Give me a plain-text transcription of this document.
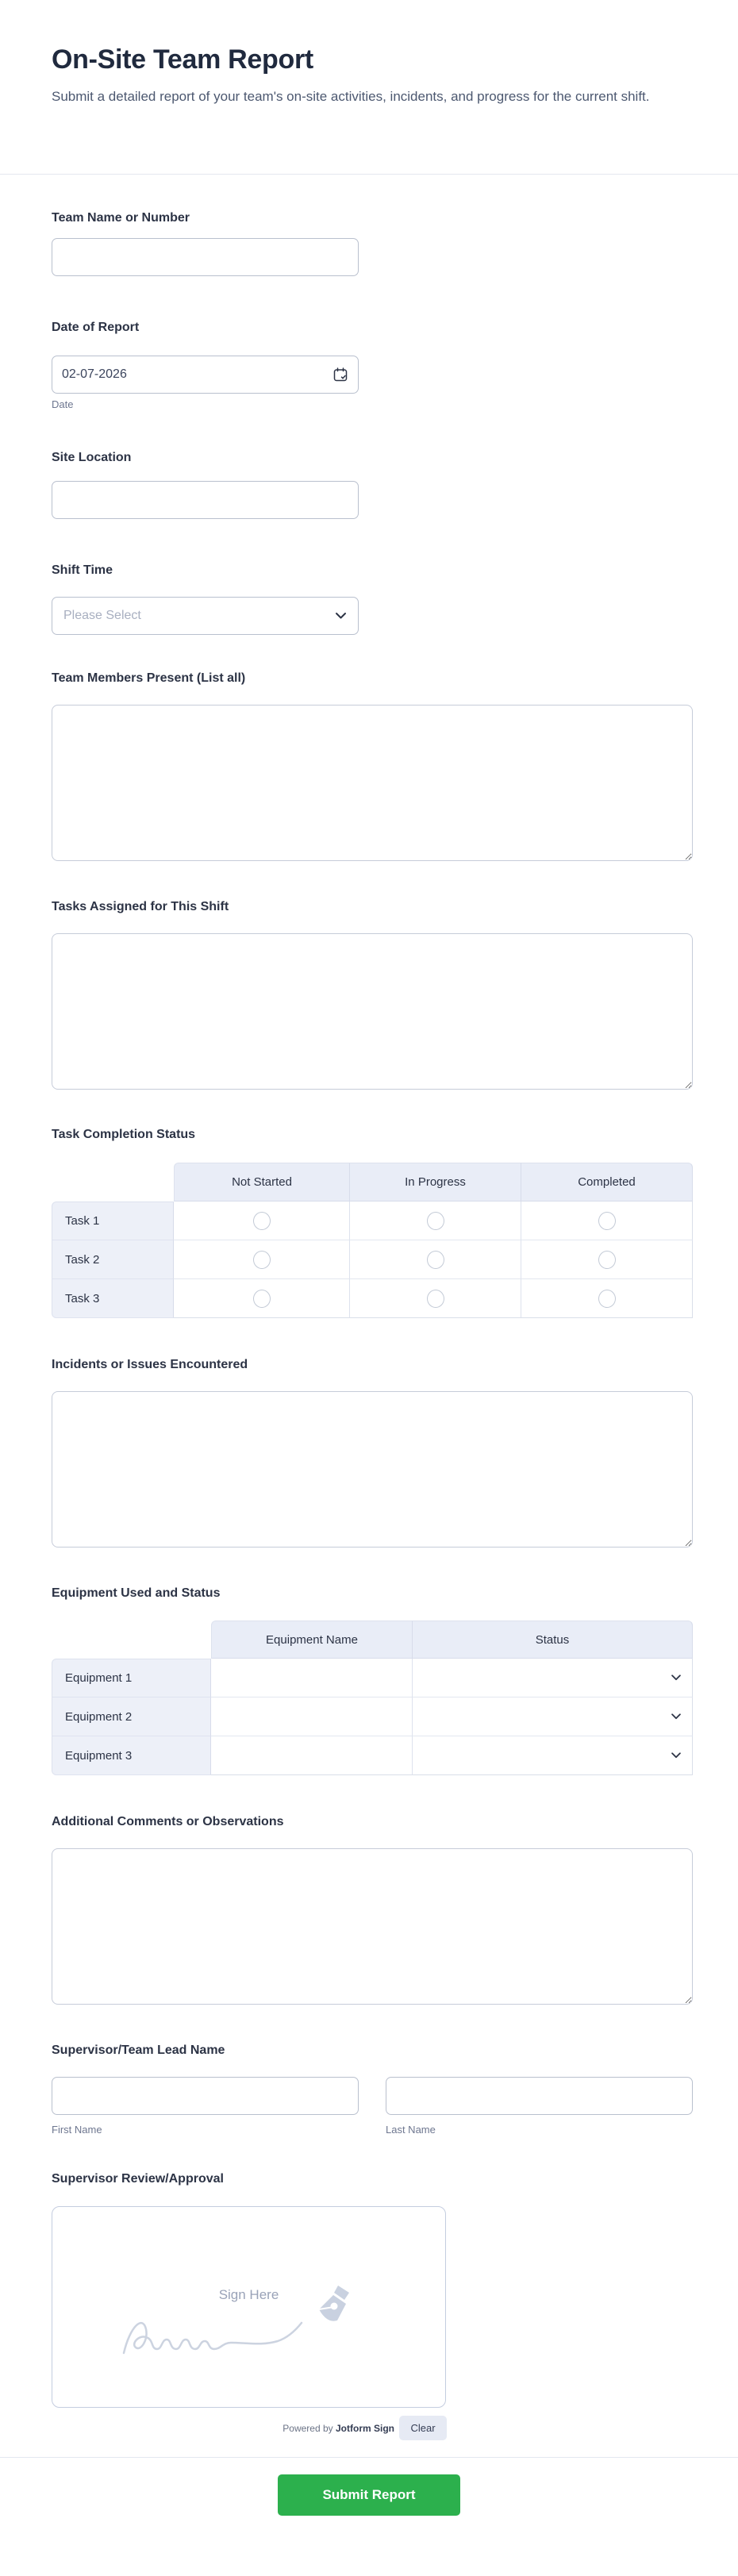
On-Site Team Report
Submit a detailed report of your team's on-site activities, incidents, and progress for the current shift.
Team Name or Number
Date of Report
02-07-2026
Date
Site Location
Shift Time
Please Select
Team Members Present (List all)
Tasks Assigned for This Shift
Task Completion Status
Not Started	In Progress	Completed
Task 1
Task 2
Task 3
Incidents or Issues Encountered
Equipment Used and Status
Equipment Name	Status
Equipment 1
Equipment 2
Equipment 3
Additional Comments or Observations
Supervisor/Team Lead Name
First Name	Last Name
Supervisor Review/Approval
Sign Here
Powered by Jotform Sign	Clear
Submit Report
